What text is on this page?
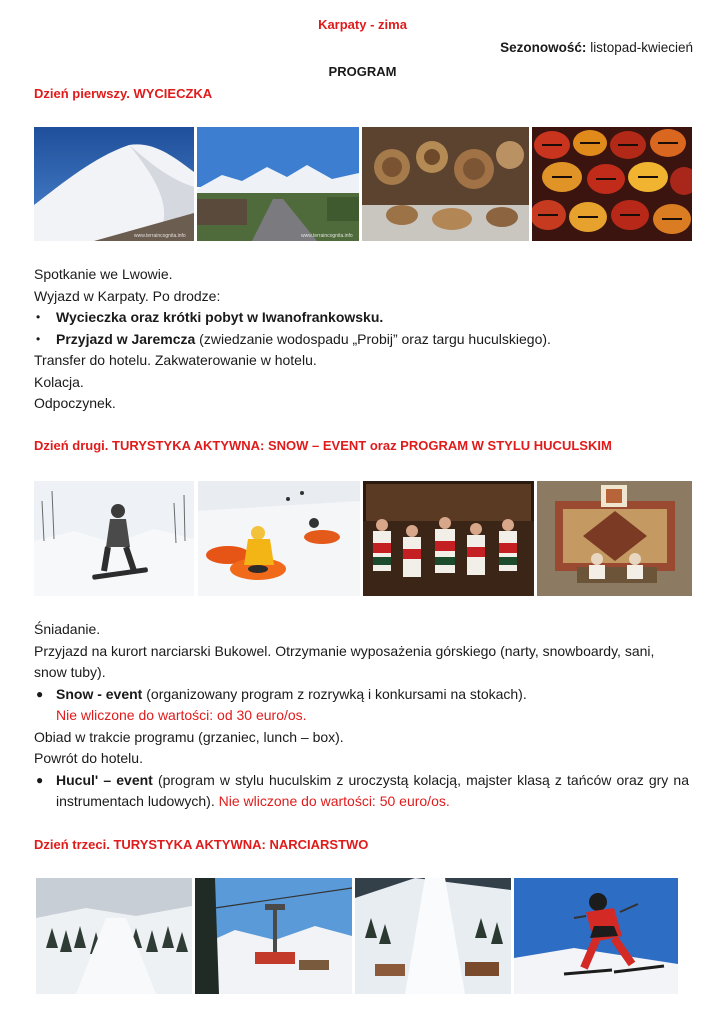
Karpaty - zima
Sezonowość: listopad-kwiecień
PROGRAM
Dzień pierwszy. WYCIECZKA
www.terraincognita.info	www.terraincognita.info

Spotkanie we Lwowie.

Wyjazd w Karpaty. Po drodze:

• Wycieczka oraz krótki pobyt w Iwanofrankowsku.

• Przyjazd w Jaremcza (zwiedzanie wodospadu „Probij” oraz targu huculskiego).

Transfer do hotelu. Zakwaterowanie w hotelu.

Kolacja.

Odpoczynek.

Dzień drugi. TURYSTYKA AKTYWNA: SNOW – EVENT oraz PROGRAM W STYLU HUCULSKIM

Śniadanie.

Przyjazd na kurort narciarski Bukowel. Otrzymanie wyposażenia górskiego (narty, snowboardy, sani, snow tuby).

● Snow - event (organizowany program z rozrywką i konkursami na stokach).
Nie wliczone do wartości: od 30 euro/os.

Obiad w trakcie programu (grzaniec, lunch – box).

Powrót do hotelu.

● Huculʹ – event (program w stylu huculskim z uroczystą kolacją, majster klasą z tańców oraz gry na instrumentach ludowych). Nie wliczone do wartości: 50 euro/os.

Dzień trzeci. TURYSTYKA AKTYWNA: NARCIARSTWO
